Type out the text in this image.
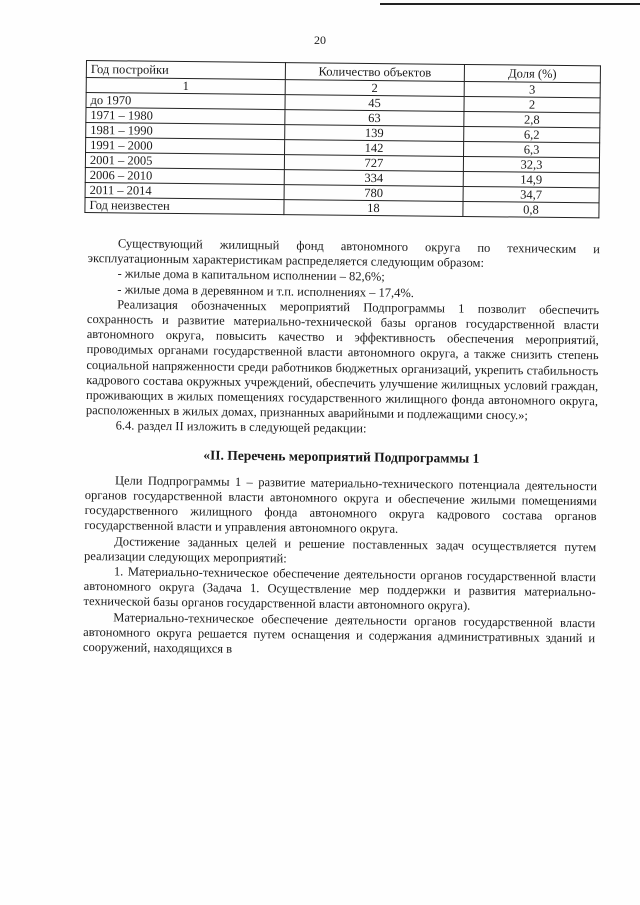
20
Год постройки	Количество объектов	Доля (%)
1	2	3
до 1970	45	2
1971 – 1980	63	2,8
1981 – 1990	139	6,2
1991 – 2000	142	6,3
2001 – 2005	727	32,3
2006 – 2010	334	14,9
2011 – 2014	780	34,7
Год неизвестен	18	0,8

Существующий жилищный фонд автономного округа по техническим и эксплуатационным характеристикам распределяется следующим образом:

- жилые дома в капитальном исполнении – 82,6%;

- жилые дома в деревянном и т.п. исполнениях – 17,4%.

Реализация обозначенных мероприятий Подпрограммы 1 позволит обеспечить сохранность и развитие материально-технической базы органов государственной власти автономного округа, повысить качество и эффективность обеспечения мероприятий, проводимых органами государственной власти автономного округа, а также снизить степень социальной напряженности среди работников бюджетных организаций, укрепить стабильность кадрового состава окружных учреждений, обеспечить улучшение жилищных условий граждан, проживающих в жилых помещениях государственного жилищного фонда автономного округа, расположенных в жилых домах, признанных аварийными и подлежащими сносу.»;

6.4. раздел II изложить в следующей редакции:

«II. Перечень мероприятий Подпрограммы 1

Цели Подпрограммы 1 – развитие материально-технического потенциала деятельности органов государственной власти автономного округа и обеспечение жилыми помещениями государственного жилищного фонда автономного округа кадрового состава органов государственной власти и управления автономного округа.

Достижение заданных целей и решение поставленных задач осуществляется путем реализации следующих мероприятий:

1. Материально-техническое обеспечение деятельности органов государственной власти автономного округа (Задача 1. Осуществление мер поддержки и развития материально-технической базы органов государственной власти автономного округа).

Материально-техническое обеспечение деятельности органов государственной власти автономного округа решается путем оснащения и содержания административных зданий и сооружений, находящихся в
